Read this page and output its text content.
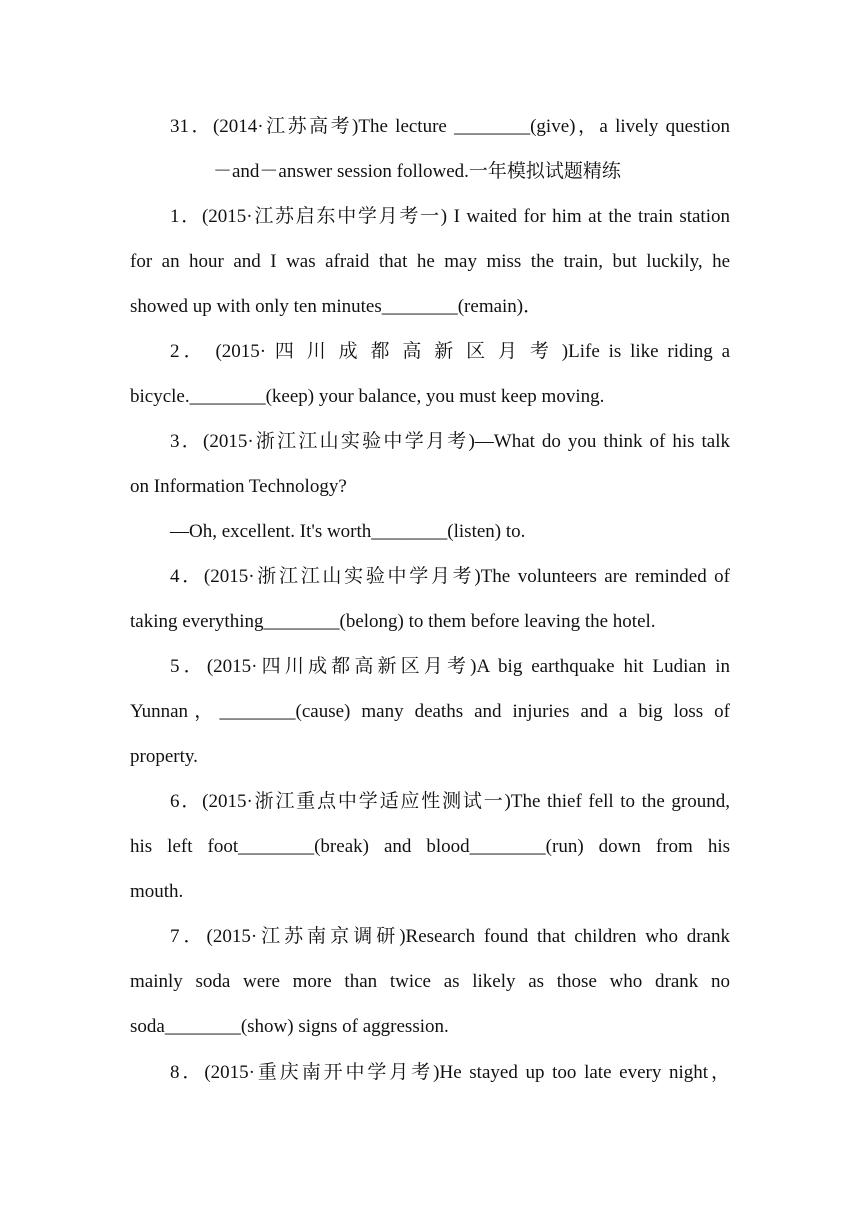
31．(2014·江苏高考)The lecture ________(give)，a lively question
－and－answer session followed.一年模拟试题精练
1．(2015·江苏启东中学月考一) I waited for him at the train station
for an hour and I was afraid that he may miss the train, but luckily, he
showed up with only ten minutes________(remain)．
2． (2015· 四 川 成 都 高 新 区 月 考 )Life is like riding a
bicycle.________(keep) your balance, you must keep moving.
3．(2015·浙江江山实验中学月考)—What do you think of his talk
on Information Technology?
—Oh, excellent. It's worth________(listen) to.
4．(2015·浙江江山实验中学月考)The volunteers are reminded of
taking everything________(belong) to them before leaving the hotel.
5．(2015·四川成都高新区月考)A big earthquake hit Ludian in
Yunnan，________(cause) many deaths and injuries and a big loss of
property.
6．(2015·浙江重点中学适应性测试一)The thief fell to the ground,
his left foot________(break) and blood________(run) down from his
mouth.
7．(2015·江苏南京调研)Research found that children who drank
mainly soda were more than twice as likely as those who drank no
soda________(show) signs of aggression.
8．(2015·重庆南开中学月考)He stayed up too late every night，
